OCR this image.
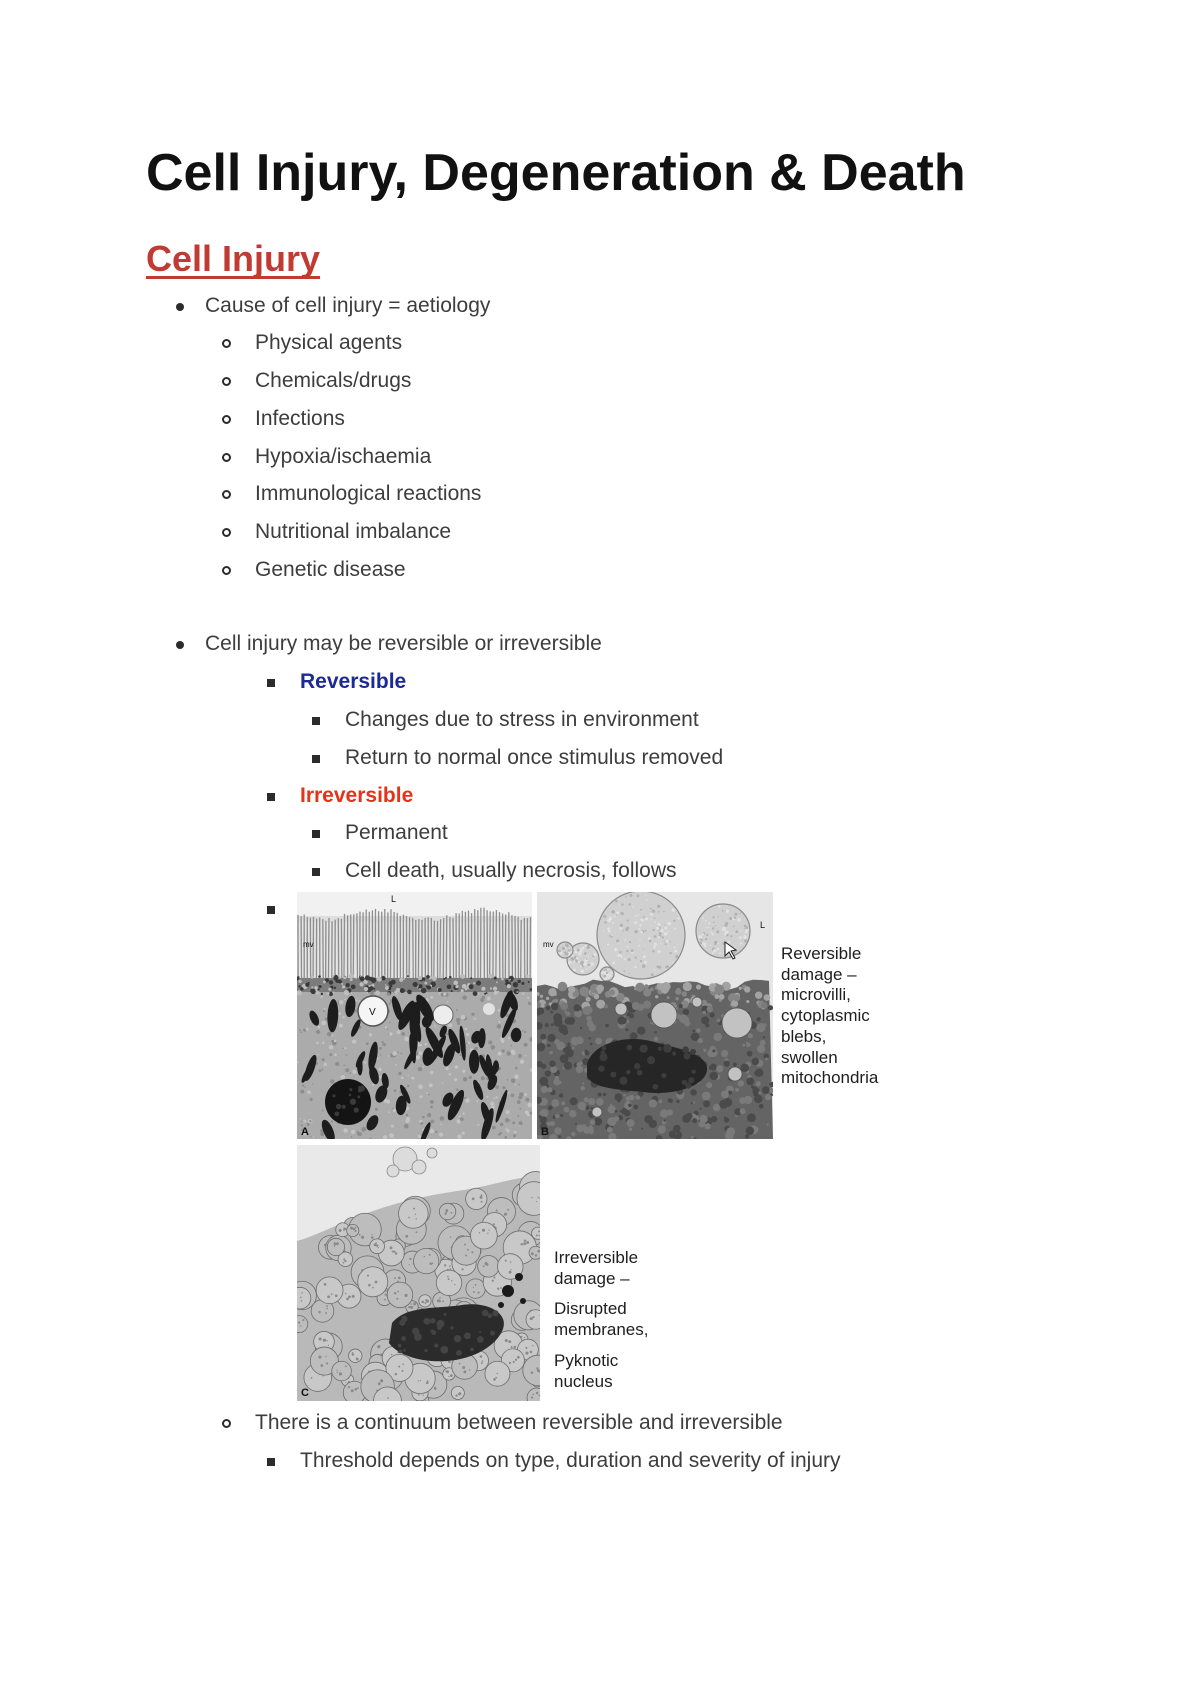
Cell Injury, Degeneration & Death
Cell Injury
Cause of cell injury = aetiology
Physical agents
Chemicals/drugs
Infections
Hypoxia/ischaemia
Immunological reactions
Nutritional imbalance
Genetic disease
Cell injury may be reversible or irreversible
Reversible
Changes due to stress in environment
Return to normal once stimulus removed
Irreversible
Permanent
Cell death, usually necrosis, follows
L
mv
V
A
mv
L
B
Reversible damage – microvilli, cytoplasmic blebs, swollen mitochondria
C
Irreversible damage –
Disrupted membranes,
Pyknotic nucleus
There is a continuum between reversible and irreversible
Threshold depends on type, duration and severity of injury
